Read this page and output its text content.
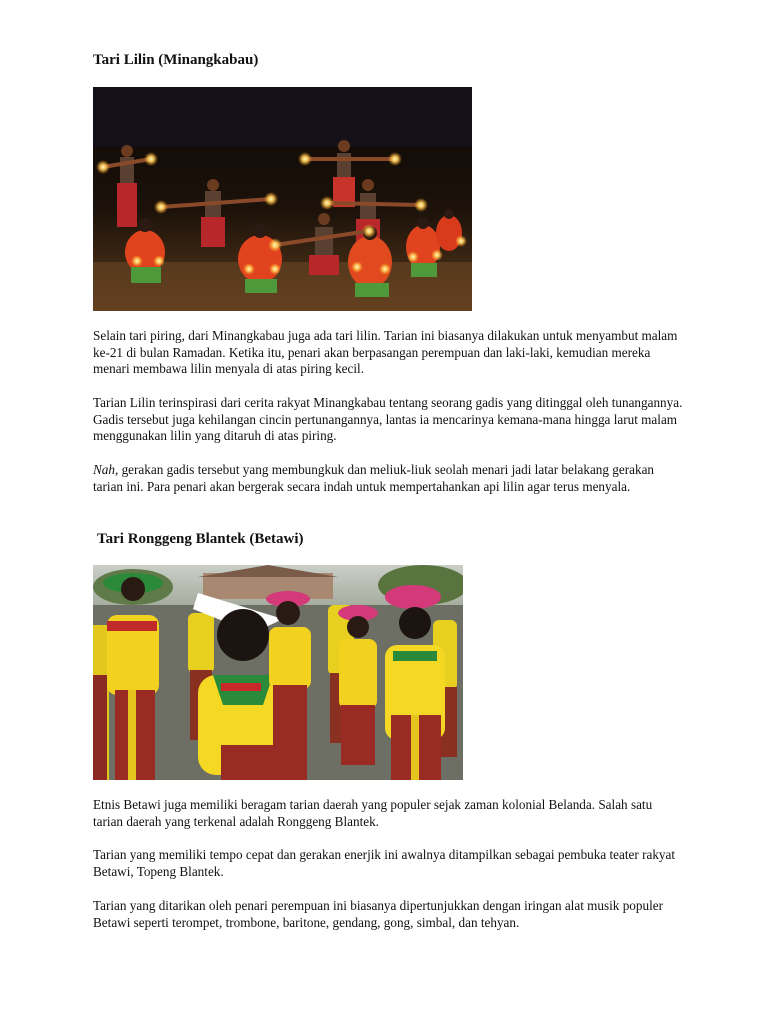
Tari Lilin (Minangkabau)

Selain tari piring, dari Minangkabau juga ada tari lilin. Tarian ini biasanya dilakukan untuk menyambut malam ke-21 di bulan Ramadan. Ketika itu, penari akan berpasangan perempuan dan laki-laki, kemudian mereka menari membawa lilin menyala di atas piring kecil.

Tarian Lilin terinspirasi dari cerita rakyat Minangkabau tentang seorang gadis yang ditinggal oleh tunangannya. Gadis tersebut juga kehilangan cincin pertunangannya, lantas ia mencarinya kemana-mana hingga larut malam menggunakan lilin yang ditaruh di atas piring.

Nah, gerakan gadis tersebut yang membungkuk dan meliuk-liuk seolah menari jadi latar belakang gerakan tarian ini. Para penari akan bergerak secara indah untuk mempertahankan api lilin agar terus menyala.

Tari Ronggeng Blantek (Betawi)

Etnis Betawi juga memiliki beragam tarian daerah yang populer sejak zaman kolonial Belanda. Salah satu tarian daerah yang terkenal adalah Ronggeng Blantek.

Tarian yang memiliki tempo cepat dan gerakan enerjik ini awalnya ditampilkan sebagai pembuka teater rakyat Betawi, Topeng Blantek.

Tarian yang ditarikan oleh penari perempuan ini biasanya dipertunjukkan dengan iringan alat musik populer Betawi seperti terompet, trombone, baritone, gendang, gong, simbal, dan tehyan.
